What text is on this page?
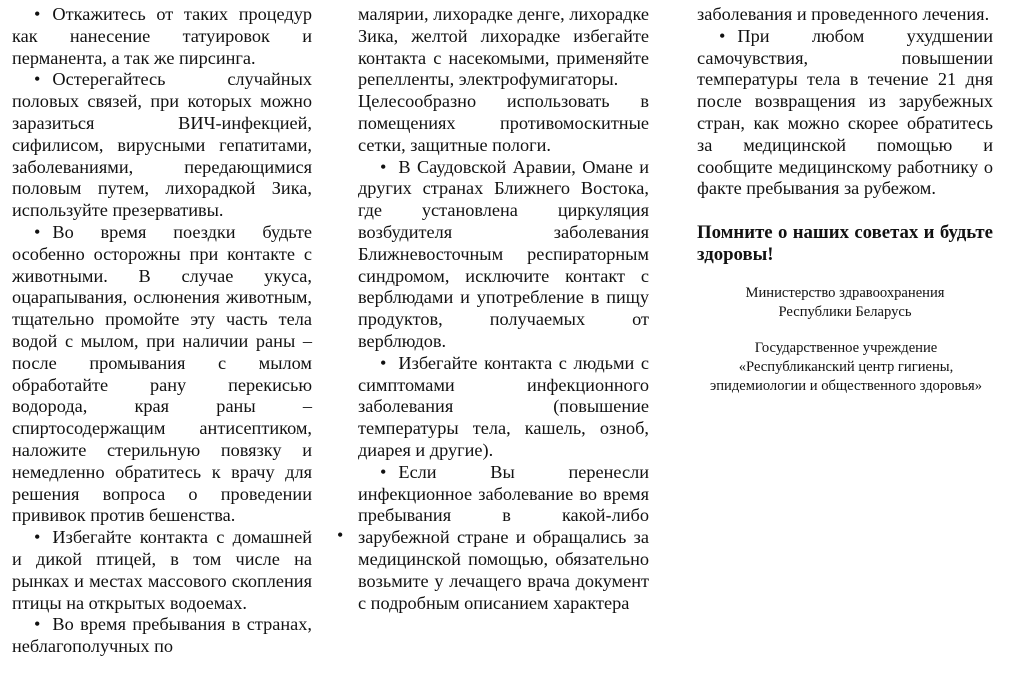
• Откажитесь от таких процедур как нанесение татуировок и перманента, а так же пирсинга.

• Остерегайтесь случайных половых связей, при которых можно заразиться ВИЧ-инфекцией, сифилисом, вирусными гепатитами, заболеваниями, передающимися половым путем, лихорадкой Зика, используйте презервативы.

• Во время поездки будьте особенно осторожны при контакте с животными. В случае укуса, оцарапывания, ослюнения животным, тщательно промойте эту часть тела водой с мылом, при наличии раны – после промывания с мылом обработайте рану перекисью водорода, края раны – спиртосодержащим антисептиком, наложите стерильную повязку и немедленно обратитесь к врачу для решения вопроса о проведении прививок против бешенства.

• Избегайте контакта с домашней и дикой птицей, в том числе на рынках и местах массового скопления птицы на открытых водоемах.

• Во время пребывания в странах, неблагополучных по

малярии, лихорадке денге, лихорадке Зика, желтой лихорадке избегайте контакта с насекомыми, применяйте репелленты, электрофумигаторы.

Целесообразно использовать в помещениях противомоскитные сетки, защитные пологи.

• В Саудовской Аравии, Омане и других странах Ближнего Востока, где установлена циркуляция возбудителя заболевания Ближневосточным респираторным синдромом, исключите контакт с верблюдами и употребление в пищу продуктов, получаемых от верблюдов.

• Избегайте контакта с людьми с симптомами инфекционного заболевания (повышение температуры тела, кашель, озноб, диарея и другие).

• Если Вы перенесли инфекционное заболевание во время пребывания в какой-либо зарубежной стране и обращались за медицинской помощью, обязательно возьмите у лечащего врача документ с подробным описанием характера

•

заболевания и проведенного лечения.

• При любом ухудшении самочувствия, повышении температуры тела в течение 21 дня после возвращения из зарубежных стран, как можно скорее обратитесь за медицинской помощью и сообщите медицинскому работнику о факте пребывания за рубежом.

Помните о наших советах и будьте здоровы!

Министерство здравоохранения
Республики Беларусь
Государственное учреждение
«Республиканский центр гигиены,
эпидемиологии и общественного здоровья»
